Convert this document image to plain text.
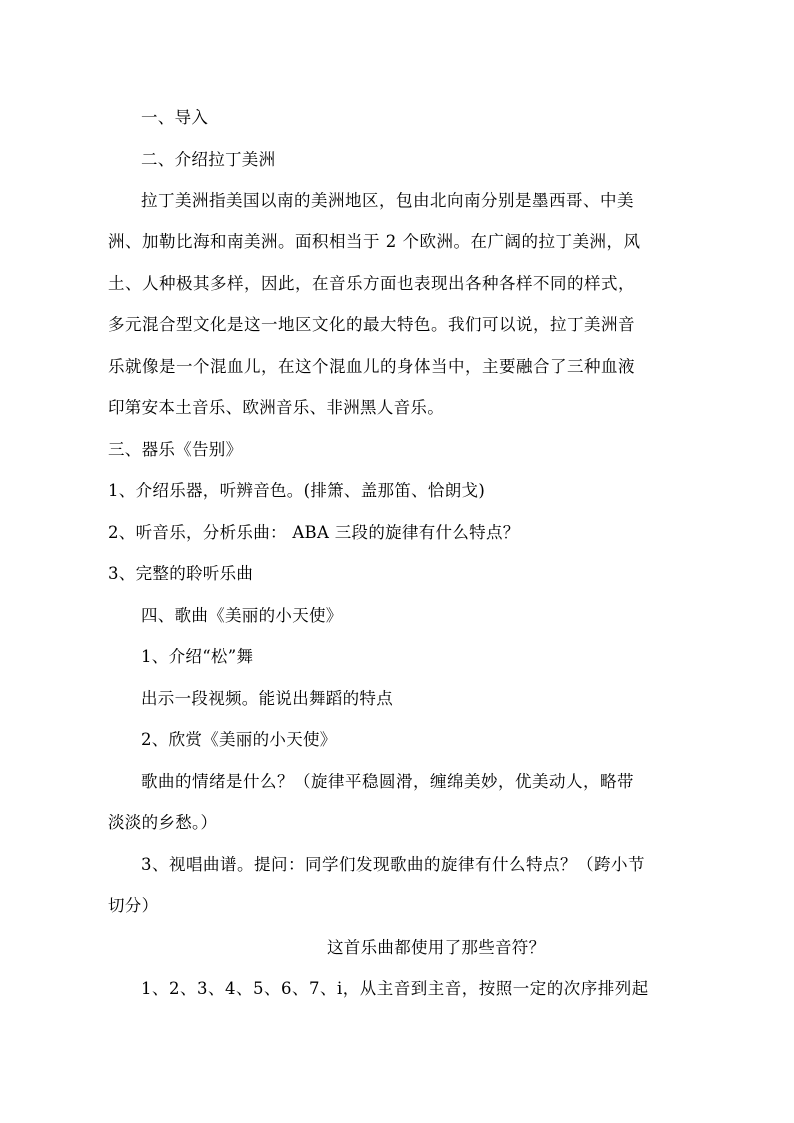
一、导入
二、介绍拉丁美洲
拉丁美洲指美国以南的美洲地区，包由北向南分别是墨西哥、中美
洲、加勒比海和南美洲。面积相当于 2 个欧洲。在广阔的拉丁美洲，风
土、人种极其多样，因此，在音乐方面也表现出各种各样不同的样式，
多元混合型文化是这一地区文化的最大特色。我们可以说，拉丁美洲音
乐就像是一个混血儿，在这个混血儿的身体当中，主要融合了三种血液
印第安本土音乐、欧洲音乐、非洲黑人音乐。
三、器乐《告别》
1、介绍乐器，听辨音色。(排箫、盖那笛、恰朗戈)
2、听音乐，分析乐曲： ABA 三段的旋律有什么特点？
3、完整的聆听乐曲
四、歌曲《美丽的小天使》
1、介绍“松”舞
出示一段视频。能说出舞蹈的特点
2、欣赏《美丽的小天使》
歌曲的情绪是什么？（旋律平稳圆滑，缠绵美妙，优美动人，略带
淡淡的乡愁。）
3、视唱曲谱。提问：同学们发现歌曲的旋律有什么特点？（跨小节
切分）
这首乐曲都使用了那些音符？
1、2、3、4、5、6、7、i，从主音到主音，按照一定的次序排列起
